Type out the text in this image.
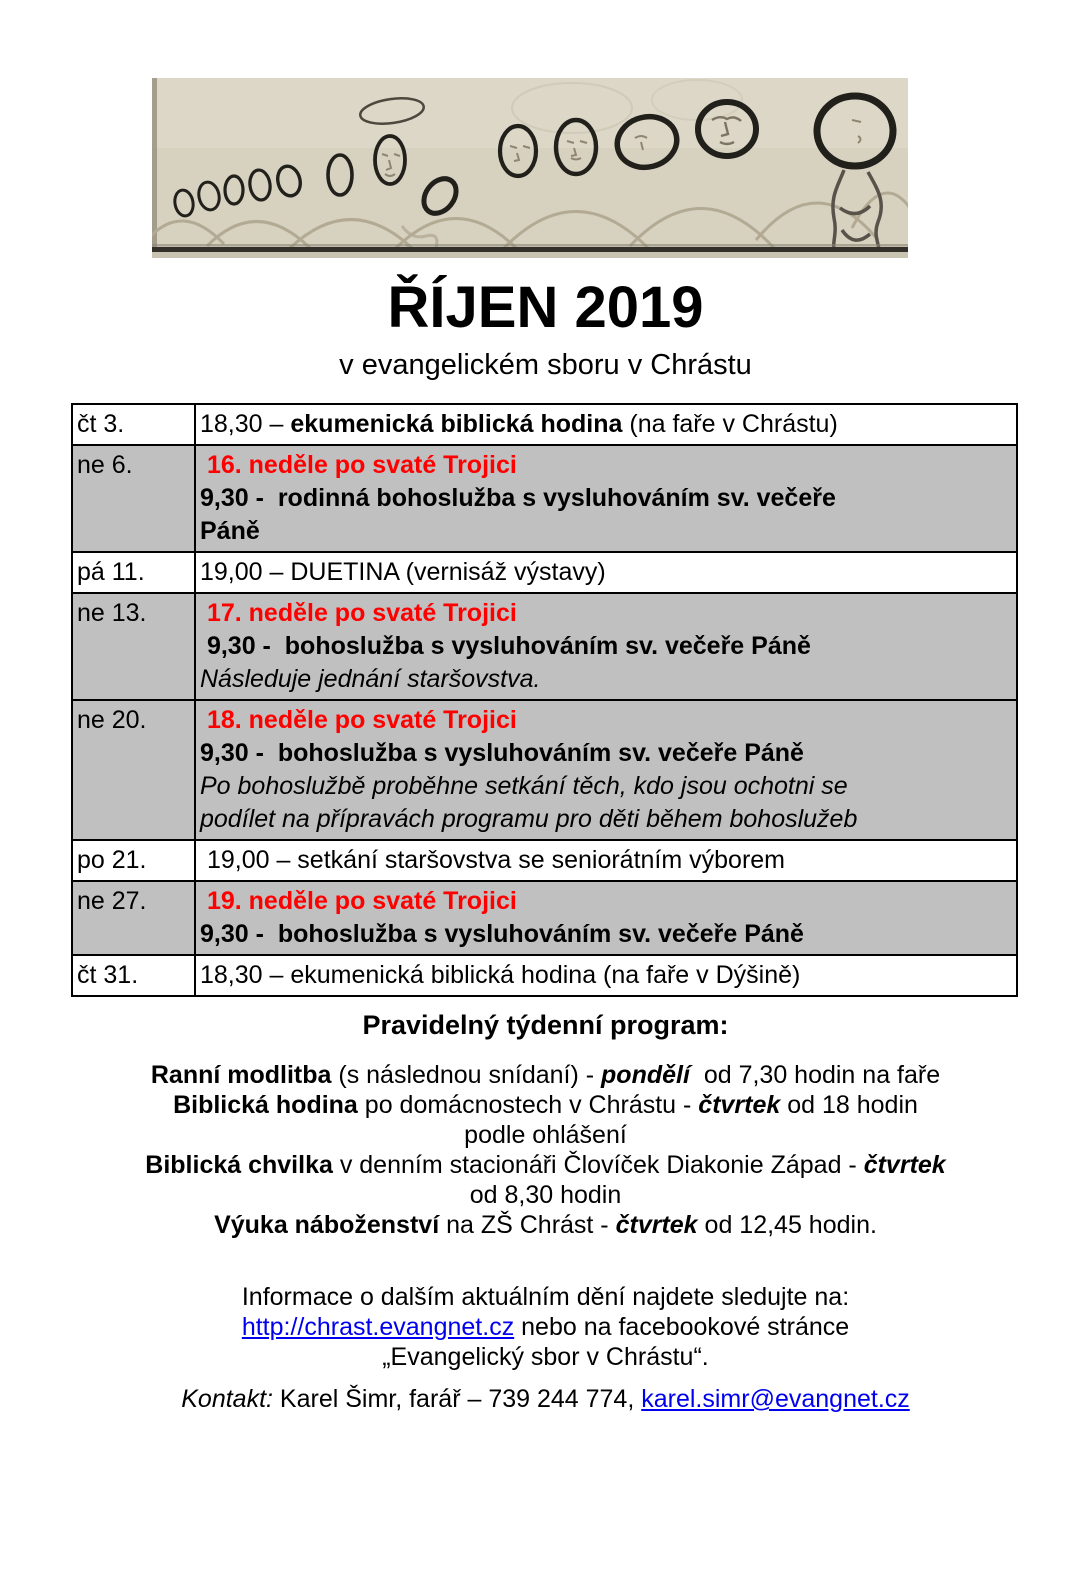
ŘÍJEN 2019
v evangelickém sboru v Chrástu
čt 3.	18,30 – ekumenická biblická hodina (na faře v Chrástu)

ne 6.	16. neděle po svaté Trojici
9,30 -  rodinná bohoslužba s vysluhováním sv. večeře
Páně

pá 11.	19,00 – DUETINA (vernisáž výstavy)

ne 13.	17. neděle po svaté Trojici
9,30 -  bohoslužba s vysluhováním sv. večeře Páně
Následuje jednání staršovstva.

ne 20.	18. neděle po svaté Trojici
9,30 -  bohoslužba s vysluhováním sv. večeře Páně
Po bohoslužbě proběhne setkání těch, kdo jsou ochotni se
podílet na přípravách programu pro děti během bohoslužeb

po 21.	19,00 – setkání staršovstva se seniorátním výborem

ne 27.	19. neděle po svaté Trojici
9,30 -  bohoslužba s vysluhováním sv. večeře Páně

čt 31.	18,30 – ekumenická biblická hodina (na faře v Dýšině)
Pravidelný týdenní program:
Ranní modlitba (s následnou snídaní) - pondělí  od 7,30 hodin na faře
Biblická hodina po domácnostech v Chrástu - čtvrtek od 18 hodin
podle ohlášení
Biblická chvilka v denním stacionáři Človíček Diakonie Západ - čtvrtek
od 8,30 hodin
Výuka náboženství na ZŠ Chrást - čtvrtek od 12,45 hodin.
Informace o dalším aktuálním dění najdete sledujte na:
http://chrast.evangnet.cz nebo na facebookové stránce
„Evangelický sbor v Chrástu“.
Kontakt: Karel Šimr, farář – 739 244 774, karel.simr@evangnet.cz
